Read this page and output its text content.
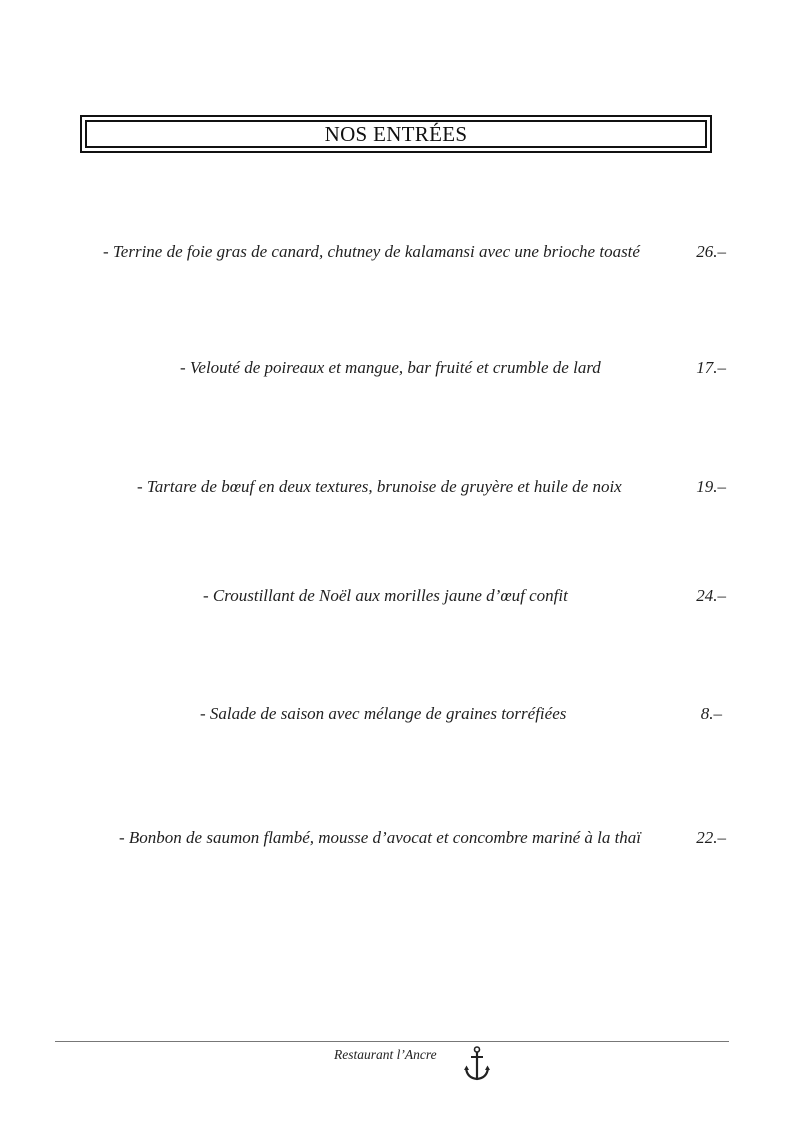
NOS ENTRÉES
- Terrine de foie gras de canard, chutney de kalamansi avec une brioche toasté	26.–
- Velouté de poireaux et mangue, bar fruité et crumble de lard	17.–
- Tartare de bœuf en deux textures, brunoise de gruyère et huile de noix	19.–
- Croustillant de Noël aux morilles jaune d’œuf confit	24.–
- Salade de saison avec mélange de graines torréfiées	8.–
- Bonbon de saumon flambé, mousse d’avocat et concombre mariné à la thaï	22.–
Restaurant l’Ancre
